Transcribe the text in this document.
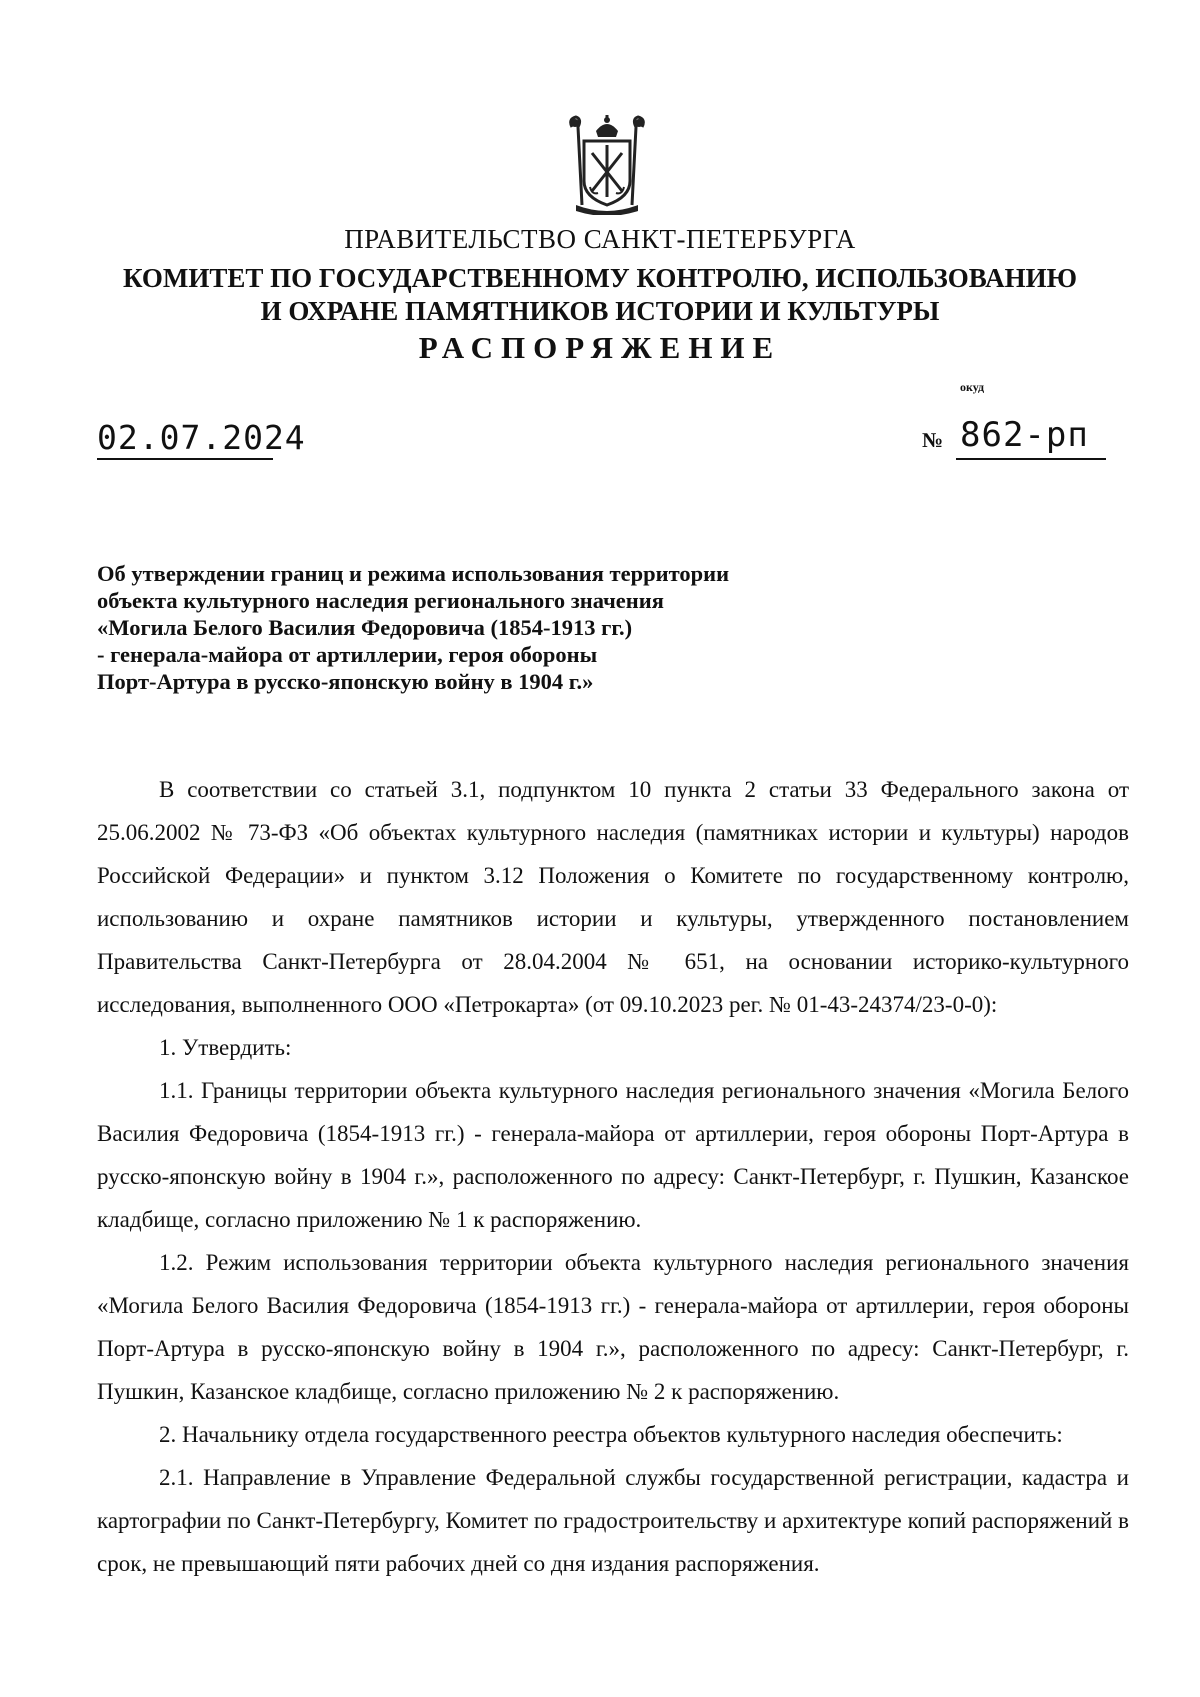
ПРАВИТЕЛЬСТВО САНКТ-ПЕТЕРБУРГА
КОМИТЕТ ПО ГОСУДАРСТВЕННОМУ КОНТРОЛЮ, ИСПОЛЬЗОВАНИЮ
И ОХРАНЕ ПАМЯТНИКОВ ИСТОРИИ И КУЛЬТУРЫ
РАСПОРЯЖЕНИЕ
окуд
02.07.2024	№ 862-рп
Об утверждении границ и режима использования территории
объекта культурного наследия регионального значения
«Могила Белого Василия Федоровича (1854-1913 гг.)
- генерала-майора от артиллерии, героя обороны
Порт-Артура в русско-японскую войну в 1904 г.»

В соответствии со статьей 3.1, подпунктом 10 пункта 2 статьи 33 Федерального закона от 25.06.2002 № 73-ФЗ «Об объектах культурного наследия (памятниках истории и культуры) народов Российской Федерации» и пунктом 3.12 Положения о Комитете по государственному контролю, использованию и охране памятников истории и культуры, утвержденного постановлением Правительства Санкт-Петербурга от 28.04.2004 № 651, на основании историко-культурного исследования, выполненного ООО «Петрокарта» (от 09.10.2023 рег. № 01-43-24374/23-0-0):

1. Утвердить:

1.1. Границы территории объекта культурного наследия регионального значения «Могила Белого Василия Федоровича (1854-1913 гг.) - генерала-майора от артиллерии, героя обороны Порт-Артура в русско-японскую войну в 1904 г.», расположенного по адресу: Санкт-Петербург, г. Пушкин, Казанское кладбище, согласно приложению № 1 к распоряжению.

1.2. Режим использования территории объекта культурного наследия регионального значения «Могила Белого Василия Федоровича (1854-1913 гг.) - генерала-майора от артиллерии, героя обороны Порт-Артура в русско-японскую войну в 1904 г.», расположенного по адресу: Санкт-Петербург, г. Пушкин, Казанское кладбище, согласно приложению № 2 к распоряжению.

2. Начальнику отдела государственного реестра объектов культурного наследия обеспечить:

2.1. Направление в Управление Федеральной службы государственной регистрации, кадастра и картографии по Санкт-Петербургу, Комитет по градостроительству и архитектуре копий распоряжений в срок, не превышающий пяти рабочих дней со дня издания распоряжения.
